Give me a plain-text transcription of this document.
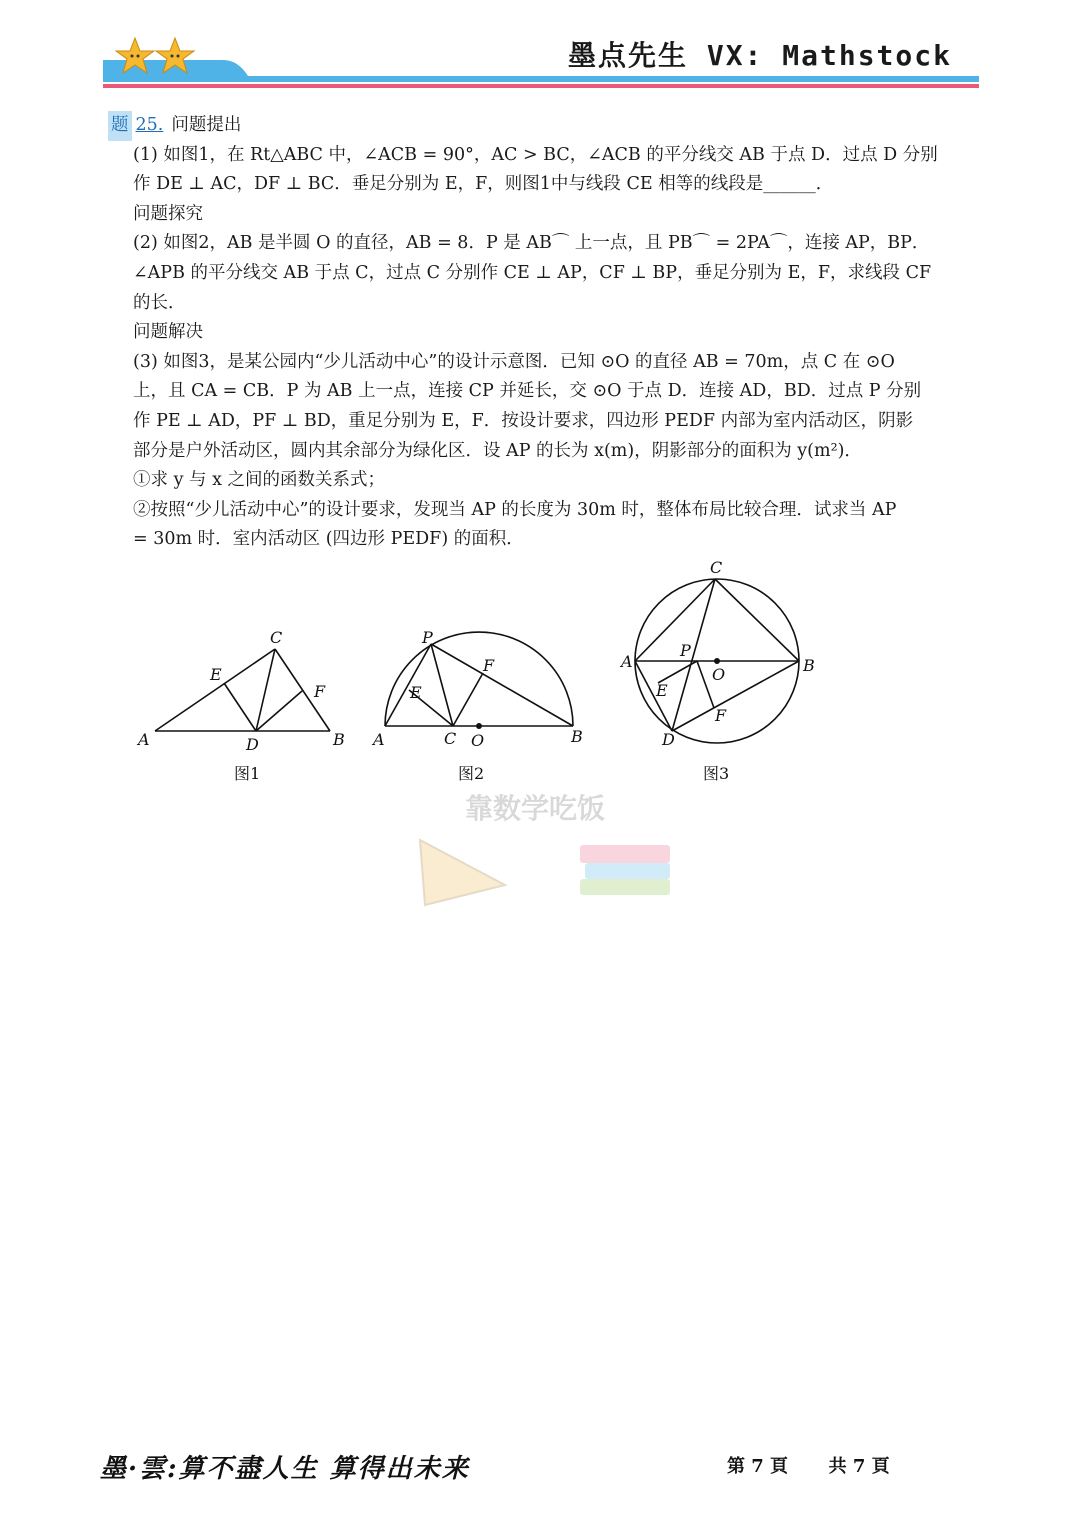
墨点先生 VX: Mathstock

题 25. 问题提出

(1) 如图1，在 Rt△ABC 中，∠ACB = 90°，AC > BC，∠ACB 的平分线交 AB 于点 D．过点 D 分别

作 DE ⊥ AC，DF ⊥ BC．垂足分别为 E，F，则图1中与线段 CE 相等的线段是______．

问题探究

(2) 如图2，AB 是半圆 O 的直径，AB = 8．P 是 AB⌒ 上一点，且 PB⌒ = 2PA⌒，连接 AP，BP．

∠APB 的平分线交 AB 于点 C，过点 C 分别作 CE ⊥ AP，CF ⊥ BP，垂足分别为 E，F，求线段 CF

的长．

问题解决

(3) 如图3，是某公园内“少儿活动中心”的设计示意图．已知 ⊙O 的直径 AB = 70m，点 C 在 ⊙O

上，且 CA = CB．P 为 AB 上一点，连接 CP 并延长，交 ⊙O 于点 D．连接 AD，BD．过点 P 分别

作 PE ⊥ AD，PF ⊥ BD，重足分别为 E，F．按设计要求，四边形 PEDF 内部为室内活动区，阴影

部分是户外活动区，圆内其余部分为绿化区．设 AP 的长为 x(m)，阴影部分的面积为 y(m²)．

①求 y 与 x 之间的函数关系式；

②按照“少儿活动中心”的设计要求，发现当 AP 的长度为 30m 时，整体布局比较合理．试求当 AP

= 30m 时．室内活动区 (四边形 PEDF) 的面积．

A	B
C
D
E
F
图1
A	B
C O
P
E
F
图2
C
A	B
P
O
E
F
D
图3
靠数学吃饭
墨·雲:算不盡人生 算得出未来	第 7 頁 共 7 頁
